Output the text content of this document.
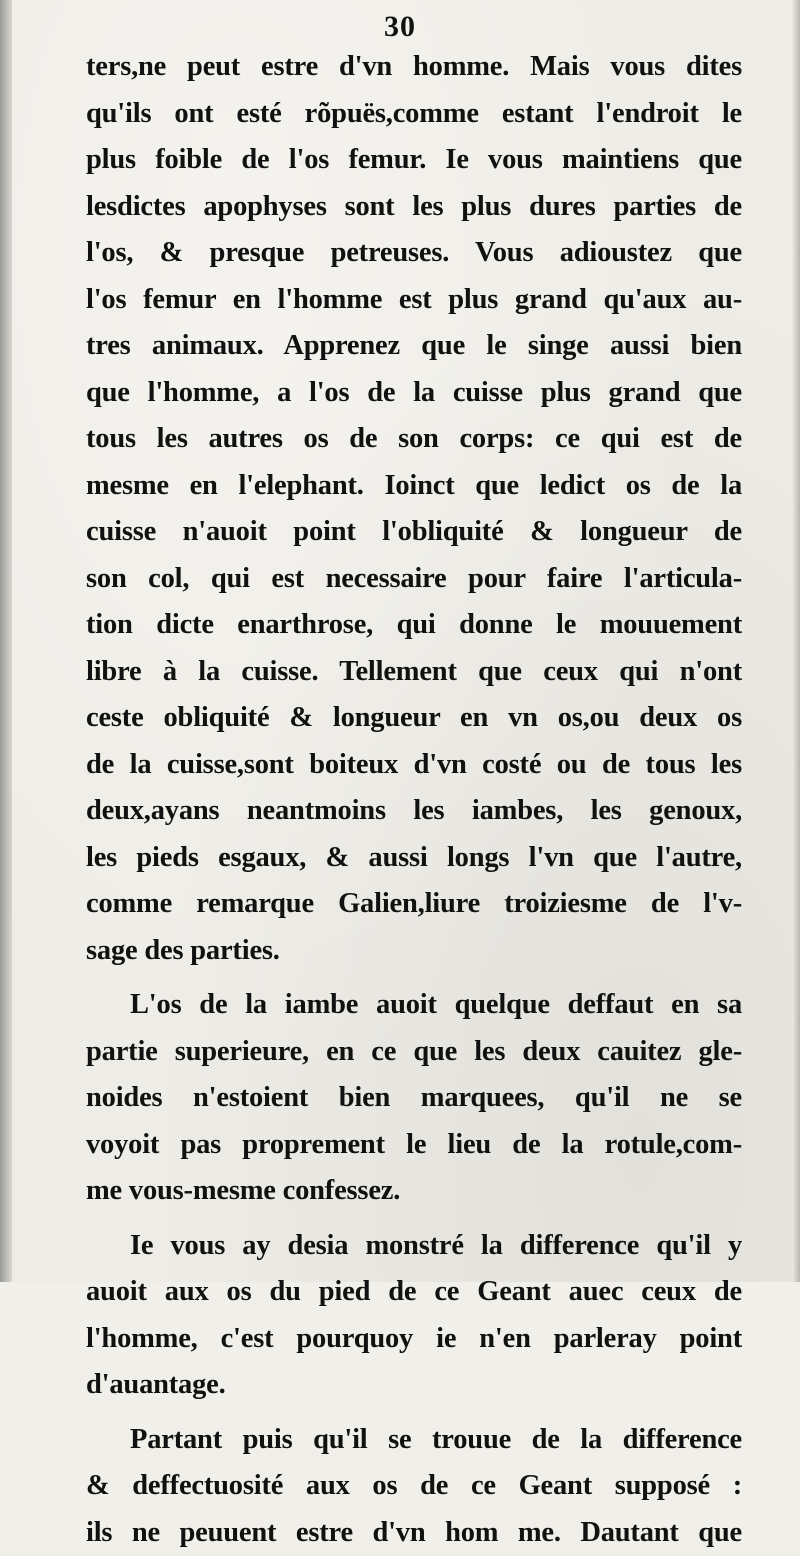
30
ters,ne peut estre d'vn homme. Mais vous dites
qu'ils ont esté rõpuës,comme estant l'endroit le
plus foible de l'os femur. Ie vous maintiens que
lesdictes apophyses sont les plus dures parties de
l'os, & presque petreuses. Vous adioustez que
l'os femur en l'homme est plus grand qu'aux au-
tres animaux. Apprenez que le singe aussi bien
que l'homme, a l'os de la cuisse plus grand que
tous les autres os de son corps: ce qui est de
mesme en l'elephant. Ioinct que ledict os de la
cuisse n'auoit point l'obliquité & longueur de
son col, qui est necessaire pour faire l'articula-
tion dicte enarthrose, qui donne le mouuement
libre à la cuisse. Tellement que ceux qui n'ont
ceste obliquité & longueur en vn os,ou deux os
de la cuisse,sont boiteux d'vn costé ou de tous les
deux,ayans neantmoins les iambes, les genoux,
les pieds esgaux, & aussi longs l'vn que l'autre,
comme remarque Galien,liure troiziesme de l'v-
sage des parties.
L'os de la iambe auoit quelque deffaut en sa
partie superieure, en ce que les deux cauitez gle-
noides n'estoient bien marquees, qu'il ne se
voyoit pas proprement le lieu de la rotule,com-
me vous-mesme confessez.
Ie vous ay desia monstré la difference qu'il y
auoit aux os du pied de ce Geant auec ceux de
l'homme, c'est pourquoy ie n'en parleray point
d'auantage.
Partant puis qu'il se trouue de la difference
& deffectuosité aux os de ce Geant supposé :
ils ne peuuent estre d'vn hom me. Dautant que
